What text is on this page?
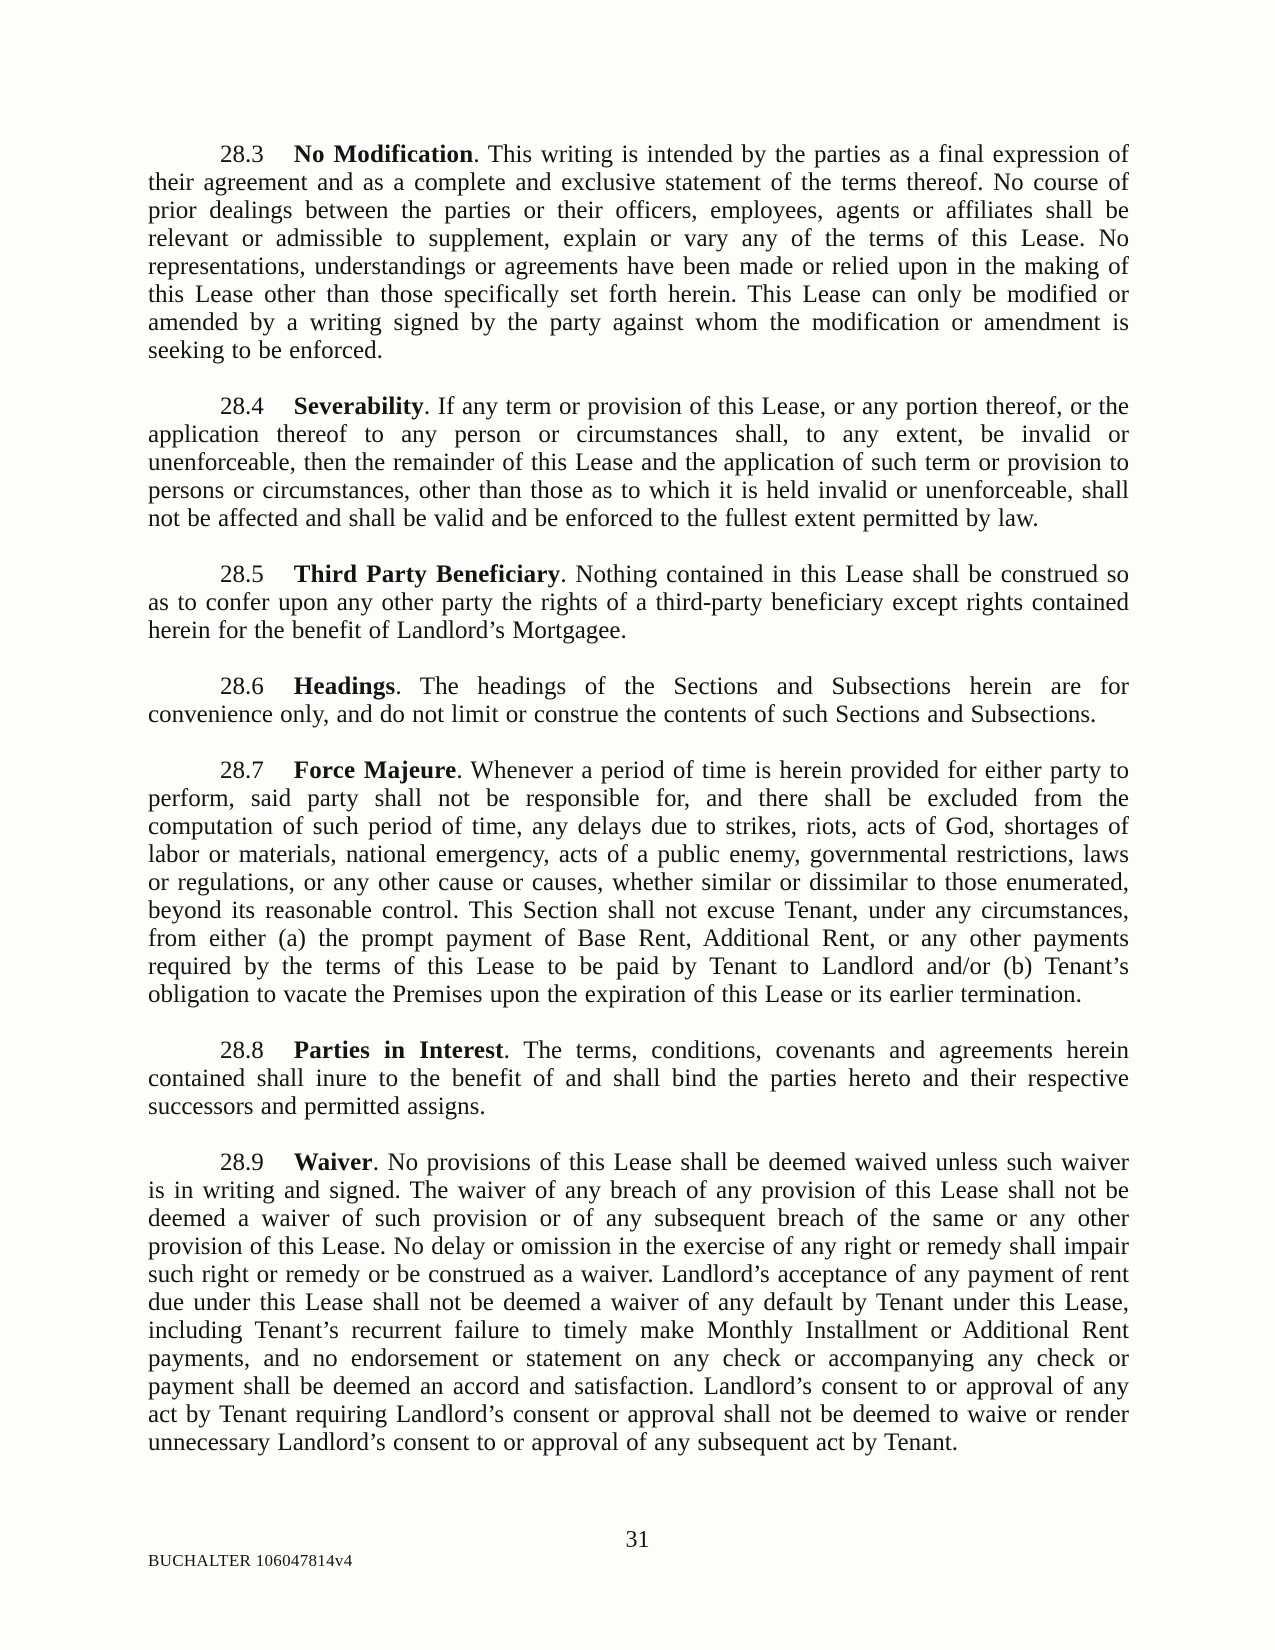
28.3 No Modification. This writing is intended by the parties as a final expression of their agreement and as a complete and exclusive statement of the terms thereof. No course of prior dealings between the parties or their officers, employees, agents or affiliates shall be relevant or admissible to supplement, explain or vary any of the terms of this Lease. No representations, understandings or agreements have been made or relied upon in the making of this Lease other than those specifically set forth herein. This Lease can only be modified or amended by a writing signed by the party against whom the modification or amendment is seeking to be enforced.

28.4 Severability. If any term or provision of this Lease, or any portion thereof, or the application thereof to any person or circumstances shall, to any extent, be invalid or unenforceable, then the remainder of this Lease and the application of such term or provision to persons or circumstances, other than those as to which it is held invalid or unenforceable, shall not be affected and shall be valid and be enforced to the fullest extent permitted by law.

28.5 Third Party Beneficiary. Nothing contained in this Lease shall be construed so as to confer upon any other party the rights of a third-party beneficiary except rights contained herein for the benefit of Landlord’s Mortgagee.

28.6 Headings. The headings of the Sections and Subsections herein are for convenience only, and do not limit or construe the contents of such Sections and Subsections.

28.7 Force Majeure. Whenever a period of time is herein provided for either party to perform, said party shall not be responsible for, and there shall be excluded from the computation of such period of time, any delays due to strikes, riots, acts of God, shortages of labor or materials, national emergency, acts of a public enemy, governmental restrictions, laws or regulations, or any other cause or causes, whether similar or dissimilar to those enumerated, beyond its reasonable control. This Section shall not excuse Tenant, under any circumstances, from either (a) the prompt payment of Base Rent, Additional Rent, or any other payments required by the terms of this Lease to be paid by Tenant to Landlord and/or (b) Tenant’s obligation to vacate the Premises upon the expiration of this Lease or its earlier termination.

28.8 Parties in Interest. The terms, conditions, covenants and agreements herein contained shall inure to the benefit of and shall bind the parties hereto and their respective successors and permitted assigns.

28.9 Waiver. No provisions of this Lease shall be deemed waived unless such waiver is in writing and signed. The waiver of any breach of any provision of this Lease shall not be deemed a waiver of such provision or of any subsequent breach of the same or any other provision of this Lease. No delay or omission in the exercise of any right or remedy shall impair such right or remedy or be construed as a waiver. Landlord’s acceptance of any payment of rent due under this Lease shall not be deemed a waiver of any default by Tenant under this Lease, including Tenant’s recurrent failure to timely make Monthly Installment or Additional Rent payments, and no endorsement or statement on any check or accompanying any check or payment shall be deemed an accord and satisfaction. Landlord’s consent to or approval of any act by Tenant requiring Landlord’s consent or approval shall not be deemed to waive or render unnecessary Landlord’s consent to or approval of any subsequent act by Tenant.

31
BUCHALTER 106047814v4
